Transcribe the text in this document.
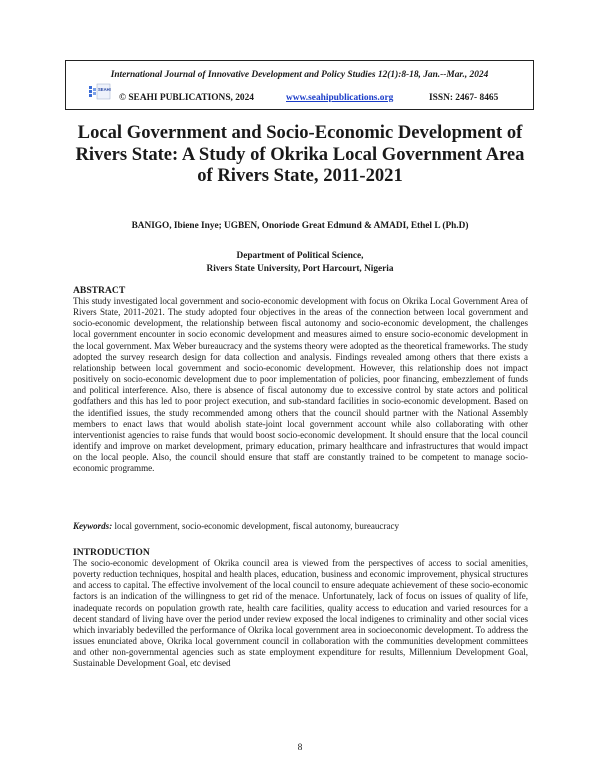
International Journal of Innovative Development and Policy Studies 12(1):8-18, Jan.--Mar., 2024
SEAHI
© SEAHI PUBLICATIONS, 2024	www.seahipublications.org	ISSN: 2467- 8465
Local Government and Socio-Economic Development of Rivers State: A Study of Okrika Local Government Area of Rivers State, 2011-2021
BANIGO, Ibiene Inye; UGBEN, Onoriode Great Edmund & AMADI, Ethel L (Ph.D)
Department of Political Science,
Rivers State University, Port Harcourt, Nigeria
ABSTRACT

This study investigated local government and socio-economic development with focus on Okrika Local Government Area of Rivers State, 2011-2021. The study adopted four objectives in the areas of the connection between local government and socio-economic development, the relationship between fiscal autonomy and socio-economic development, the challenges local government encounter in socio economic development and measures aimed to ensure socio-economic development in the local government. Max Weber bureaucracy and the systems theory were adopted as the theoretical frameworks. The study adopted the survey research design for data collection and analysis. Findings revealed among others that there exists a relationship between local government and socio-economic development. However, this relationship does not impact positively on socio-economic development due to poor implementation of policies, poor financing, embezzlement of funds and political interference. Also, there is absence of fiscal autonomy due to excessive control by state actors and political godfathers and this has led to poor project execution, and sub-standard facilities in socio-economic development. Based on the identified issues, the study recommended among others that the council should partner with the National Assembly members to enact laws that would abolish state-joint local government account while also collaborating with other interventionist agencies to raise funds that would boost socio-economic development. It should ensure that the local council identify and improve on market development, primary education, primary healthcare and infrastructures that would impact on the local people. Also, the council should ensure that staff are constantly trained to be competent to manage socio-economic programme.

Keywords: local government, socio-economic development, fiscal autonomy, bureaucracy
INTRODUCTION

The socio-economic development of Okrika council area is viewed from the perspectives of access to social amenities, poverty reduction techniques, hospital and health places, education, business and economic improvement, physical structures and access to capital. The effective involvement of the local council to ensure adequate achievement of these socio-economic factors is an indication of the willingness to get rid of the menace. Unfortunately, lack of focus on issues of quality of life, inadequate records on population growth rate, health care facilities, quality access to education and varied resources for a decent standard of living have over the period under review exposed the local indigenes to criminality and other social vices which invariably bedevilled the performance of Okrika local government area in socioeconomic development. To address the issues enunciated above, Okrika local government council in collaboration with the communities development committees and other non-governmental agencies such as state employment expenditure for results, Millennium Development Goal, Sustainable Development Goal, etc devised

8
